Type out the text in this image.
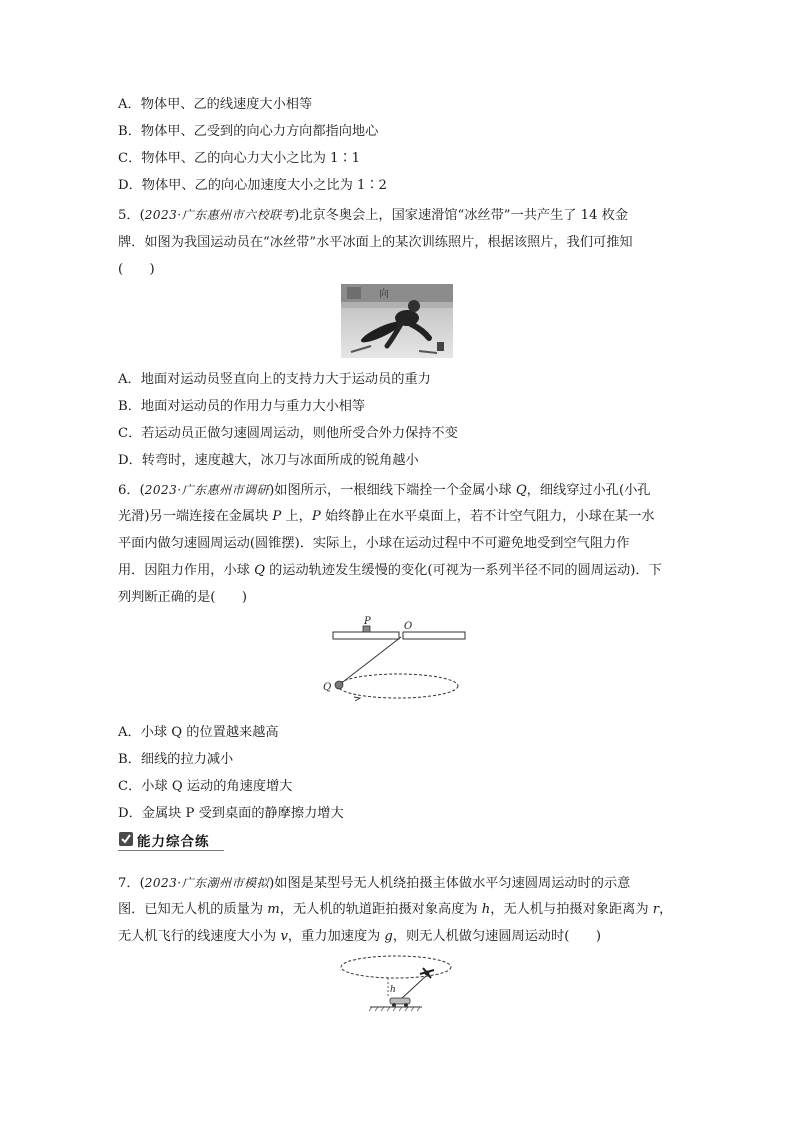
A．物体甲、乙的线速度大小相等
B．物体甲、乙受到的向心力方向都指向地心
C．物体甲、乙的向心力大小之比为 1∶1
D．物体甲、乙的向心加速度大小之比为 1∶2
5．(2023·广东惠州市六校联考)北京冬奥会上，国家速滑馆“冰丝带”一共产生了 14 枚金
牌．如图为我国运动员在“冰丝带”水平冰面上的某次训练照片，根据该照片，我们可推知
(　　)
向
A．地面对运动员竖直向上的支持力大于运动员的重力
B．地面对运动员的作用力与重力大小相等
C．若运动员正做匀速圆周运动，则他所受合外力保持不变
D．转弯时，速度越大，冰刀与冰面所成的锐角越小
6．(2023·广东惠州市调研)如图所示，一根细线下端拴一个金属小球 Q，细线穿过小孔(小孔
光滑)另一端连接在金属块 P 上，P 始终静止在水平桌面上，若不计空气阻力，小球在某一水
平面内做匀速圆周运动(圆锥摆)．实际上，小球在运动过程中不可避免地受到空气阻力作
用．因阻力作用，小球 Q 的运动轨迹发生缓慢的变化(可视为一系列半径不同的圆周运动)．下
列判断正确的是(　　)
P	O
Q
A．小球 Q 的位置越来越高
B．细线的拉力减小
C．小球 Q 运动的角速度增大
D．金属块 P 受到桌面的静摩擦力增大
能力综合练
7．(2023·广东潮州市模拟)如图是某型号无人机绕拍摄主体做水平匀速圆周运动时的示意
图．已知无人机的质量为 m，无人机的轨道距拍摄对象高度为 h，无人机与拍摄对象距离为 r，
无人机飞行的线速度大小为 v，重力加速度为 g，则无人机做匀速圆周运动时(　　)
h
